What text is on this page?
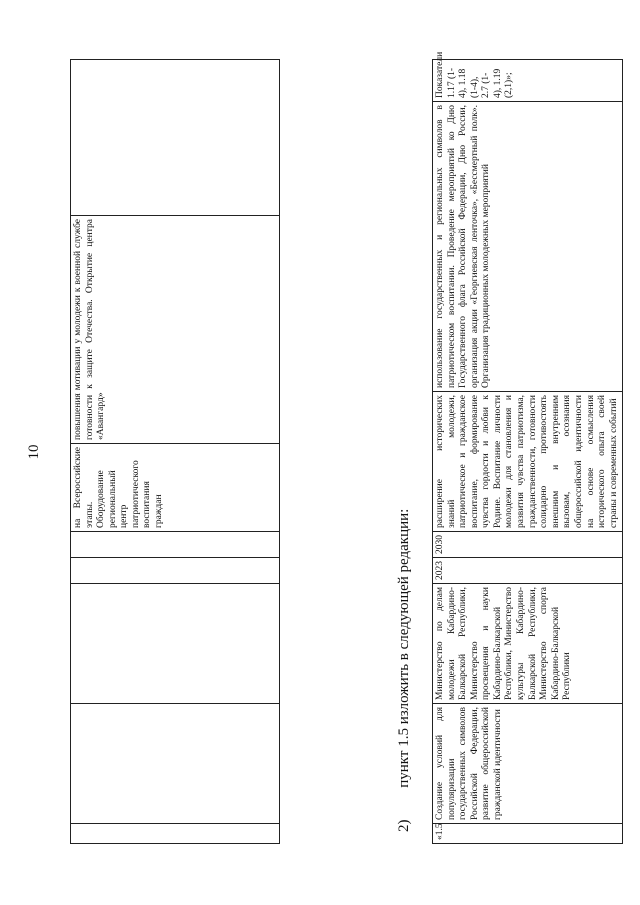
10
						на Всероссийские этапы. Оборудование региональный центр патриотического воспитания граждан	повышения мотивации у молодежи к военной службе готовности к защите Отечества. Открытие центра «Авангард»	
2) пункт 1.5 изложить в следующей редакции:
«1.5	Создание условий для популяризации государственных символов Российской Федерации, развитие общероссийской гражданской идентичности	Министерство по делам молодежи Кабардино-Балкарской Республики, Министерство просвещения и науки Кабардино-Балкарской Республики, Министерство культуры Кабардино-Балкарской Республики, Министерство спорта Кабардино-Балкарской Республики	2023	2030	расширение исторических знаний молодежи, патриотическое и гражданское воспитание, формирование чувства гордости и любви к Родине. Воспитание личности молодежи для становления и развития чувства патриотизма, гражданственности, готовности солидарно противостоять внешним и внутренним вызовам, осознания общероссийской идентичности на основе осмысления исторического опыта своей страны и современных событий	использование государственных и региональных символов в патриотическом воспитании. Проведение мероприятий ко Дню Государственного флага Российской Федерации, Дню России, организация акции «Георгиевская ленточка», «Бессмертный полк». Организация традиционных молодежных мероприятий	Показатели 1.17 (1-4), 1.18 (1-4), 2.7 (1-4), 1.19 (2,1)»;
